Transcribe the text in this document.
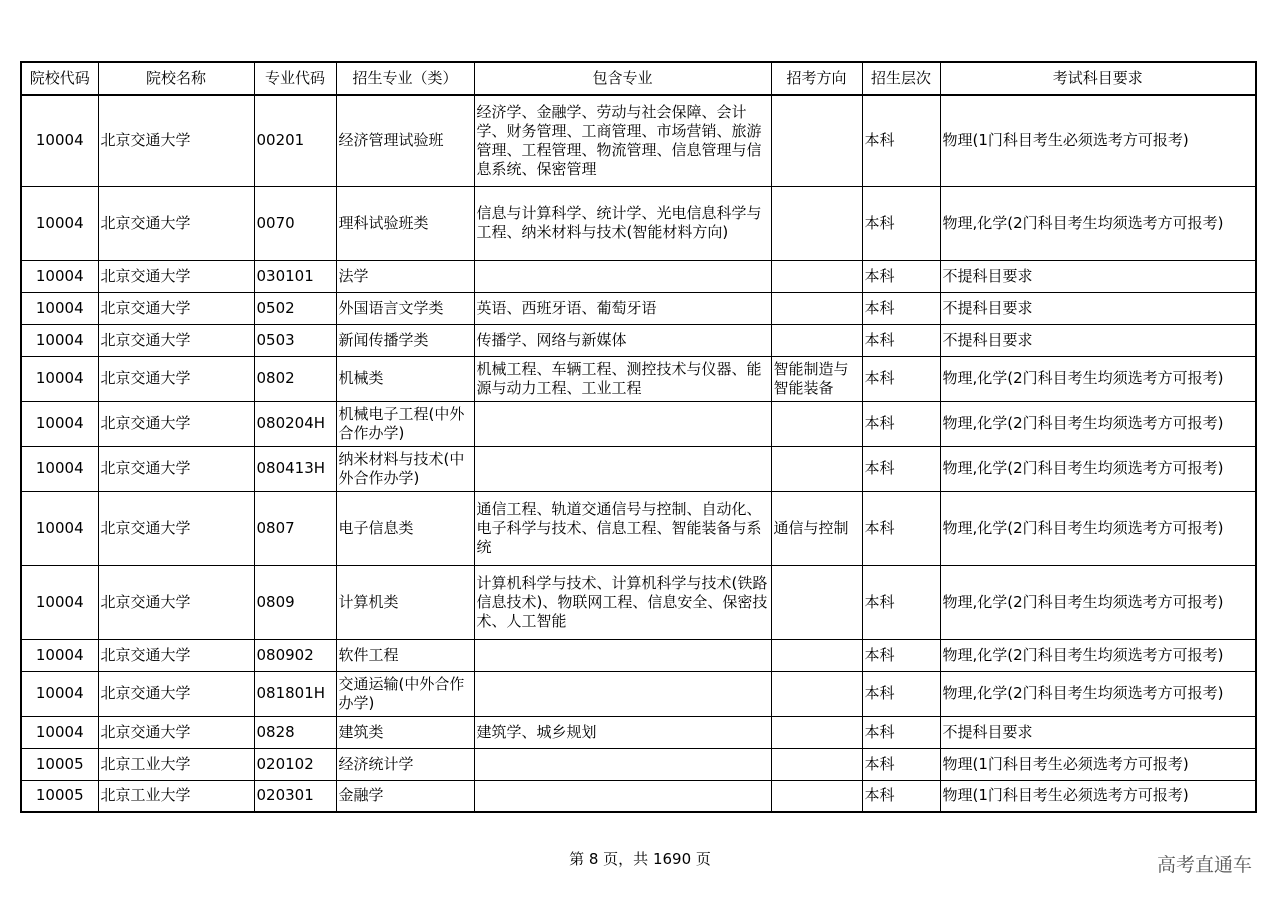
院校代码	院校名称	专业代码	招生专业（类）	包含专业	招考方向	招生层次	考试科目要求
10004	北京交通大学	00201	经济管理试验班	经济学、金融学、劳动与社会保障、会计学、财务管理、工商管理、市场营销、旅游管理、工程管理、物流管理、信息管理与信息系统、保密管理		本科	物理(1门科目考生必须选考方可报考)
10004	北京交通大学	0070	理科试验班类	信息与计算科学、统计学、光电信息科学与工程、纳米材料与技术(智能材料方向)		本科	物理,化学(2门科目考生均须选考方可报考)
10004	北京交通大学	030101	法学			本科	不提科目要求
10004	北京交通大学	0502	外国语言文学类	英语、西班牙语、葡萄牙语		本科	不提科目要求
10004	北京交通大学	0503	新闻传播学类	传播学、网络与新媒体		本科	不提科目要求
10004	北京交通大学	0802	机械类	机械工程、车辆工程、测控技术与仪器、能源与动力工程、工业工程	智能制造与智能装备	本科	物理,化学(2门科目考生均须选考方可报考)
10004	北京交通大学	080204H	机械电子工程(中外合作办学)			本科	物理,化学(2门科目考生均须选考方可报考)
10004	北京交通大学	080413H	纳米材料与技术(中外合作办学)			本科	物理,化学(2门科目考生均须选考方可报考)
10004	北京交通大学	0807	电子信息类	通信工程、轨道交通信号与控制、自动化、电子科学与技术、信息工程、智能装备与系统	通信与控制	本科	物理,化学(2门科目考生均须选考方可报考)
10004	北京交通大学	0809	计算机类	计算机科学与技术、计算机科学与技术(铁路信息技术)、物联网工程、信息安全、保密技术、人工智能		本科	物理,化学(2门科目考生均须选考方可报考)
10004	北京交通大学	080902	软件工程			本科	物理,化学(2门科目考生均须选考方可报考)
10004	北京交通大学	081801H	交通运输(中外合作办学)			本科	物理,化学(2门科目考生均须选考方可报考)
10004	北京交通大学	0828	建筑类	建筑学、城乡规划		本科	不提科目要求
10005	北京工业大学	020102	经济统计学			本科	物理(1门科目考生必须选考方可报考)
10005	北京工业大学	020301	金融学			本科	物理(1门科目考生必须选考方可报考)
第 8 页，共 1690 页	高考直通车
